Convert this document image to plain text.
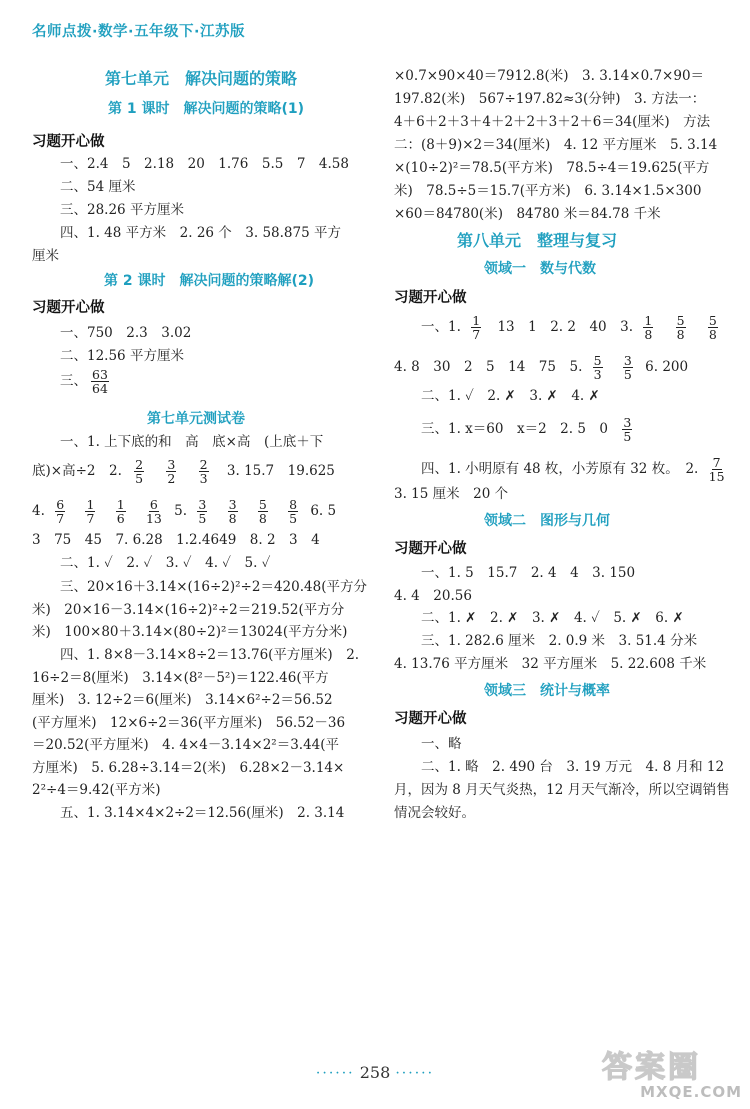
名师点拨·数学·五年级下·江苏版
第七单元　解决问题的策略
第 1 课时　解决问题的策略(1)
习题开心做
一、2.4　5　2.18　20　1.76　5.5　7　4.58
二、54 厘米
三、28.26 平方厘米
四、1. 48 平方米　2. 26 个　3. 58.875 平方
厘米
第 2 课时　解决问题的策略解(2)
习题开心做
一、750　2.3　3.02
二、12.56 平方厘米
三、 $\frac{63}{64}$
第七单元测试卷
一、1. 上下底的和　高　底×高　(上底＋下
底)×高÷2　2. $\frac{2}{5}$
$\frac{3}{2}$
$\frac{2}{3} 3$. 15.7　19.625
4. $\frac{6}{7}$
$\frac{1}{7}$
$\frac{1}{6}$
$\frac{6}{13} 5$. $\frac{3}{5}$
$\frac{3}{8}$
$\frac{5}{8}$
$\frac{8}{5} 6$. 5
3　75　45　7. 6.28　1.2.4649　8. 2　3　4
二、1. ✓　2. ✓　3. ✓　4. ✓　5. ✓
三、20×16＋3.14×(16÷2)²÷2＝420.48(平方分
米)　20×16－3.14×(16÷2)²÷2＝219.52(平方分
米)　100×80＋3.14×(80÷2)²＝13024(平方分米)
四、1. 8×8－3.14×8÷2＝13.76(平方厘米)　2.
16÷2＝8(厘米)　3.14×(8²－5²)＝122.46(平方
厘米)　3. 12÷2＝6(厘米)　3.14×6²÷2＝56.52
(平方厘米)　12×6÷2＝36(平方厘米)　56.52－36
＝20.52(平方厘米)　4. 4×4－3.14×2²＝3.44(平
方厘米)　5. 6.28÷3.14＝2(米)　6.28×2－3.14×
2²÷4＝9.42(平方米)
五、1. 3.14×4×2÷2＝12.56(厘米)　2. 3.14
×0.7×90×40＝7912.8(米)　3. 3.14×0.7×90＝
197.82(米)　567÷197.82≈3(分钟)　3. 方法一：
4＋6＋2＋3＋4＋2＋2＋3＋2＋6＝34(厘米)　方法
二：(8＋9)×2＝34(厘米)　4. 12 平方厘米　5. 3.14
×(10÷2)²＝78.5(平方米)　78.5÷4＝19.625(平方
米)　78.5÷5＝15.7(平方米)　6. 3.14×1.5×300
×60＝84780(米)　84780 米＝84.78 千米
第八单元　整理与复习
领域一　数与代数
习题开心做
一、1. $\frac{1}{7} 13$　1　2. 2　40　3. $\frac{1}{8}$
$\frac{5}{8}$
$\frac{5}{8}$
4. 8　30　2　5　14　75　5. $\frac{5}{3}$
$\frac{3}{5} 6$. 200
二、1. ✓　2. ✗　3. ✗　4. ✗
三、1. x＝60　x＝2　2. 5　$0 \frac{3}{5}$
四、1. 小明原有 48 枚，小芳原有 32 枚。　2. $\frac{7}{15}$
3. 15 厘米　20 个
领域二　图形与几何
习题开心做
一、1. 5　15.7　2. 4　4　3. 150
4. 4　20.56
二、1. ✗　2. ✗　3. ✗　4. ✓　5. ✗　6. ✗
三、1. 282.6 厘米　2. 0.9 米　3. 51.4 分米
4. 13.76 平方厘米　32 平方厘米　5. 22.608 千米
领域三　统计与概率
习题开心做
一、略
二、1. 略　2. 490 台　3. 19 万元　4. 8 月和 12
月，因为 8 月天气炎热，12 月天气渐冷，所以空调销售
情况会较好。
······ 258 ······	答案圈
MXQE.COM
